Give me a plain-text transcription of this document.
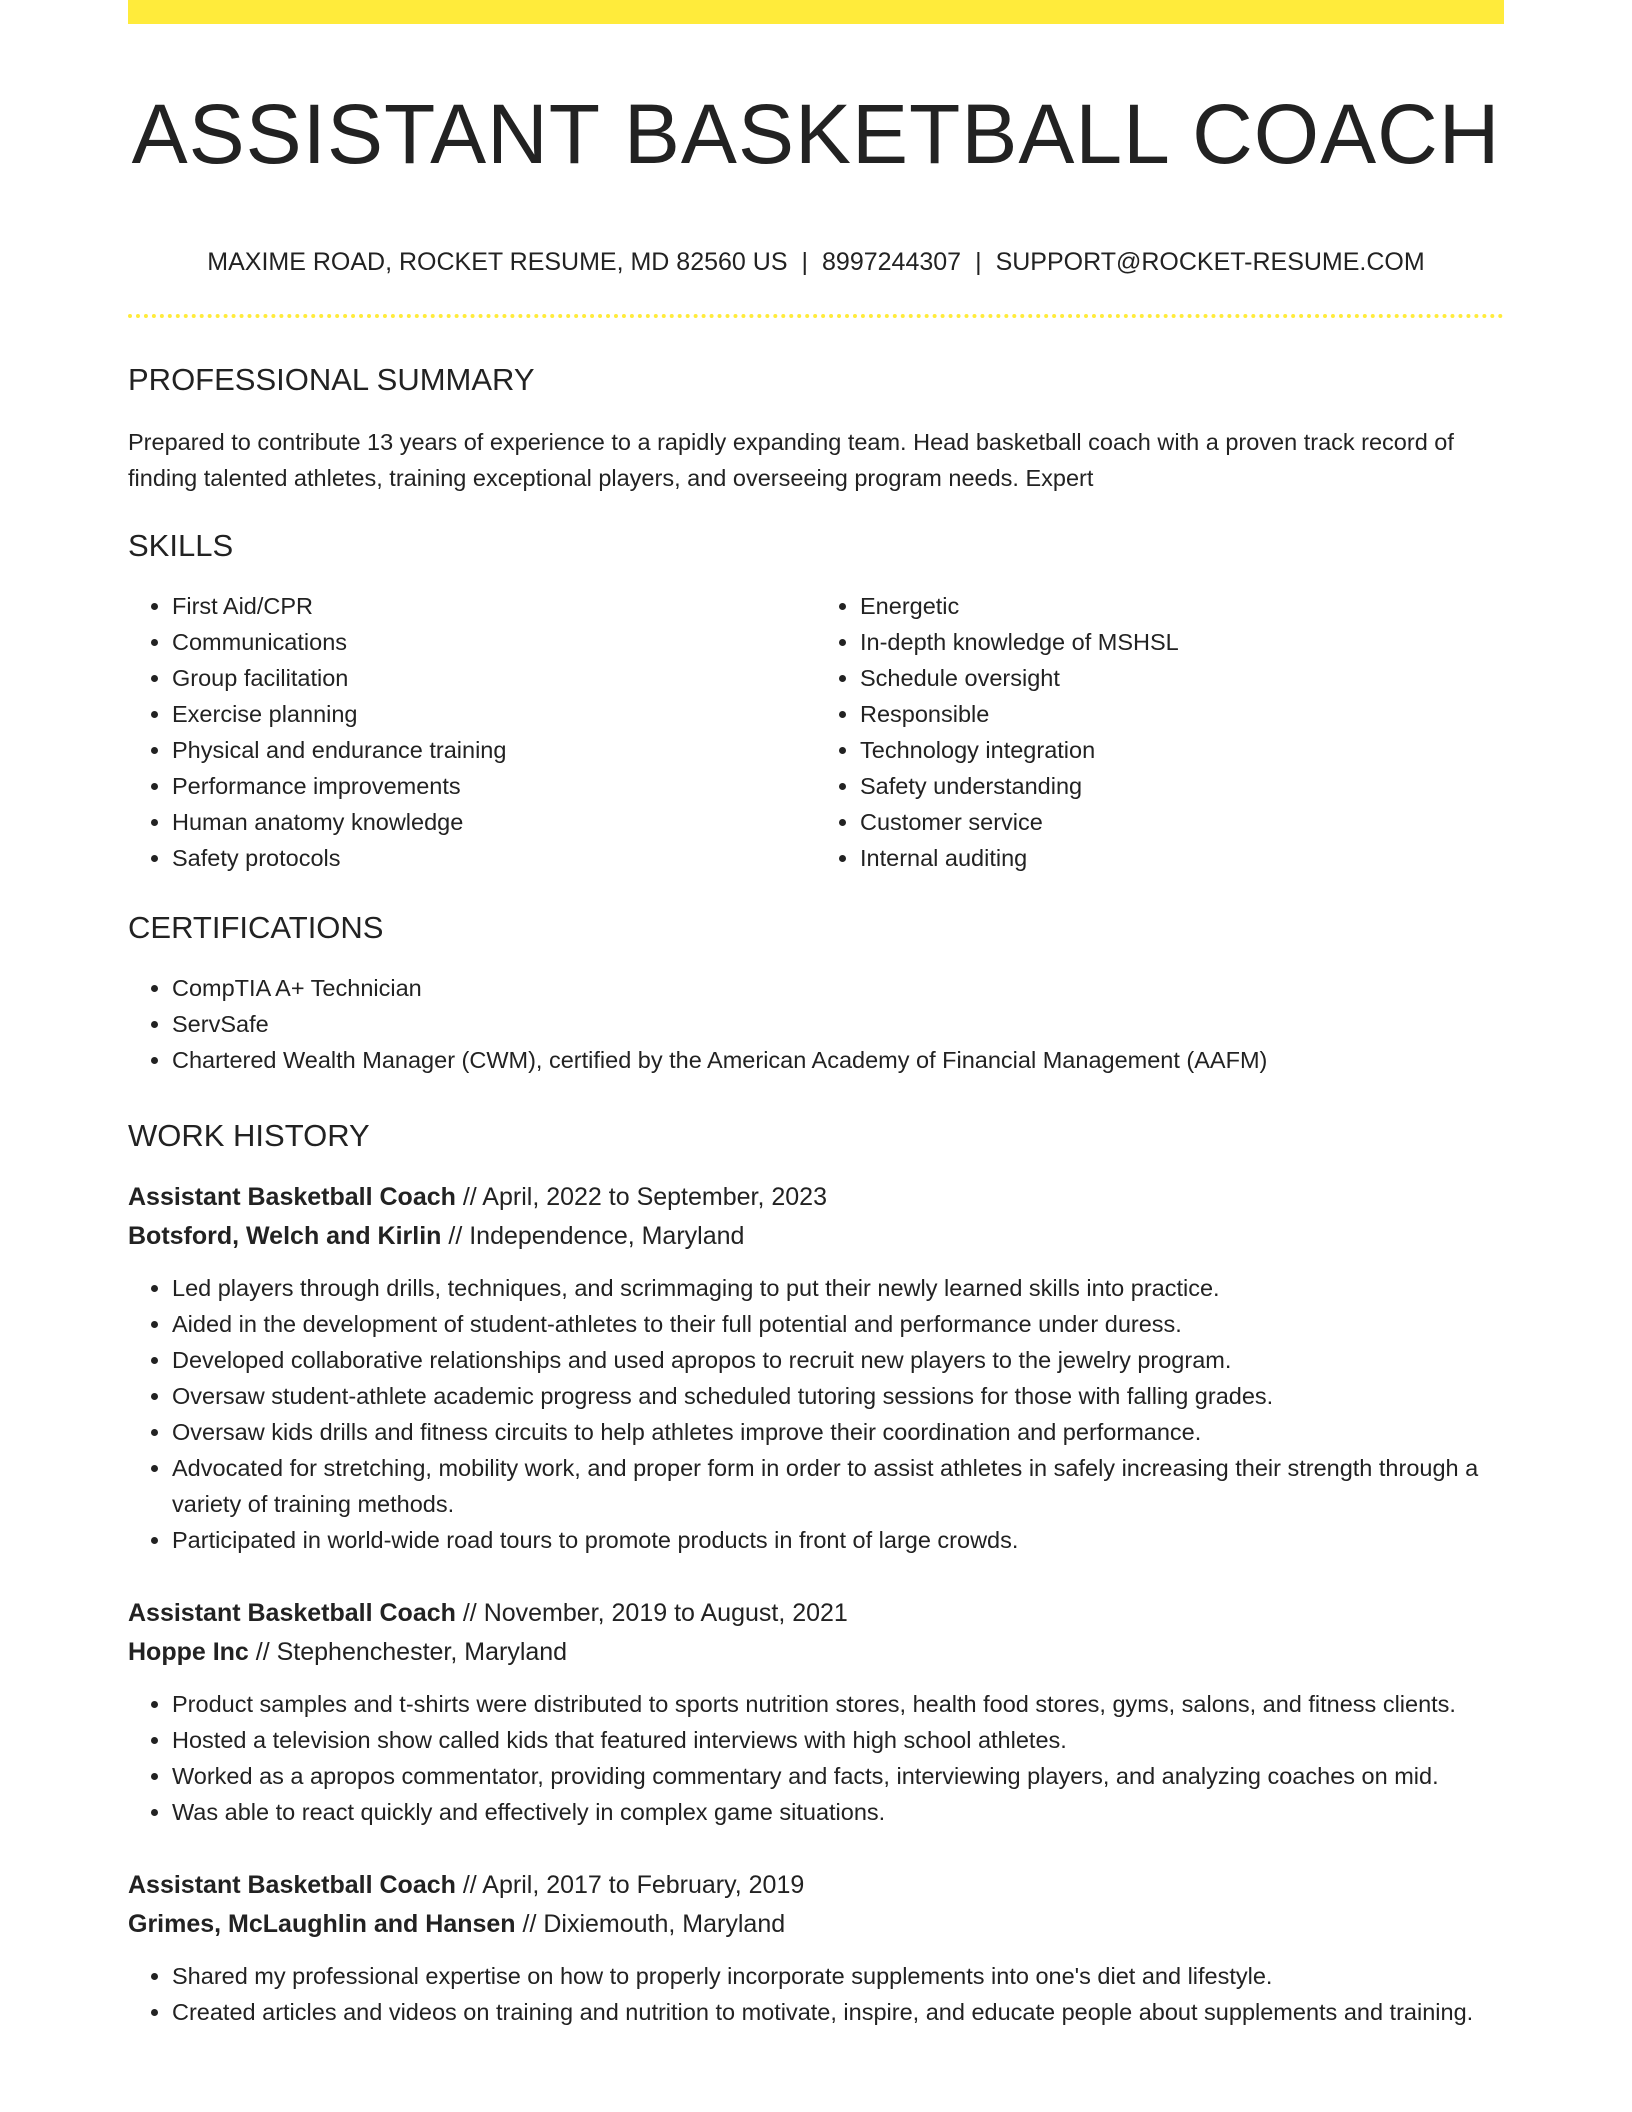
ASSISTANT BASKETBALL COACH
MAXIME ROAD, ROCKET RESUME, MD 82560 US | 8997244307 | SUPPORT@ROCKET-RESUME.COM
PROFESSIONAL SUMMARY

Prepared to contribute 13 years of experience to a rapidly expanding team. Head basketball coach with a proven track record of finding talented athletes, training exceptional players, and overseeing program needs. Expert

SKILLS
• First Aid/CPR
• Communications
• Group facilitation
• Exercise planning
• Physical and endurance training
• Performance improvements
• Human anatomy knowledge
• Safety protocols
• Energetic
• In-depth knowledge of MSHSL
• Schedule oversight
• Responsible
• Technology integration
• Safety understanding
• Customer service
• Internal auditing
CERTIFICATIONS
• CompTIA A+ Technician
• ServSafe
• Chartered Wealth Manager (CWM), certified by the American Academy of Financial Management (AAFM)
WORK HISTORY
Assistant Basketball Coach // April, 2022 to September, 2023
Botsford, Welch and Kirlin // Independence, Maryland
• Led players through drills, techniques, and scrimmaging to put their newly learned skills into practice.
• Aided in the development of student-athletes to their full potential and performance under duress.
• Developed collaborative relationships and used apropos to recruit new players to the jewelry program.
• Oversaw student-athlete academic progress and scheduled tutoring sessions for those with falling grades.
• Oversaw kids drills and fitness circuits to help athletes improve their coordination and performance.
• Advocated for stretching, mobility work, and proper form in order to assist athletes in safely increasing their strength through a variety of training methods.
• Participated in world-wide road tours to promote products in front of large crowds.
Assistant Basketball Coach // November, 2019 to August, 2021
Hoppe Inc // Stephenchester, Maryland
• Product samples and t-shirts were distributed to sports nutrition stores, health food stores, gyms, salons, and fitness clients.
• Hosted a television show called kids that featured interviews with high school athletes.
• Worked as a apropos commentator, providing commentary and facts, interviewing players, and analyzing coaches on mid.
• Was able to react quickly and effectively in complex game situations.
Assistant Basketball Coach // April, 2017 to February, 2019
Grimes, McLaughlin and Hansen // Dixiemouth, Maryland
• Shared my professional expertise on how to properly incorporate supplements into one's diet and lifestyle.
• Created articles and videos on training and nutrition to motivate, inspire, and educate people about supplements and training.
